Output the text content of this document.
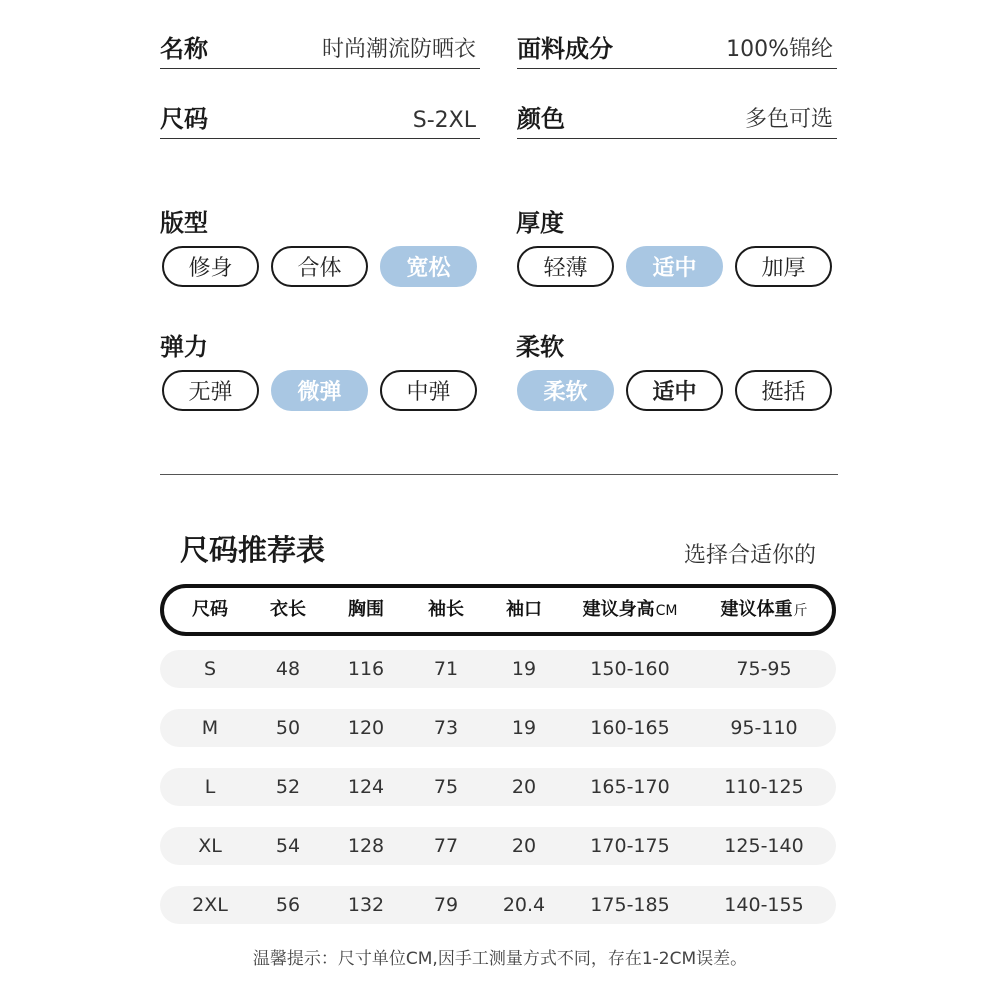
名称	时尚潮流防晒衣 面料成分	100%锦纶
尺码	S-2XL 颜色	多色可选
版型
修身	合体	宽松
厚度
轻薄	适中	加厚
弹力
无弹	微弹	中弹
柔软
柔软	适中	挺括
尺码推荐表	选择合适你的
尺码 衣长 胸围 袖长 袖口 建议身高CM 建议体重斤
S	48	116	71	19	150-160	75-95
M	50	120	73	19	160-165	95-110
L	52	124	75	20	165-170	110-125
XL	54	128	77	20	170-175	125-140
2XL	56	132	79 20.4 175-185	140-155
温馨提示：尺寸单位CM,因手工测量方式不同，存在1-2CM误差。
